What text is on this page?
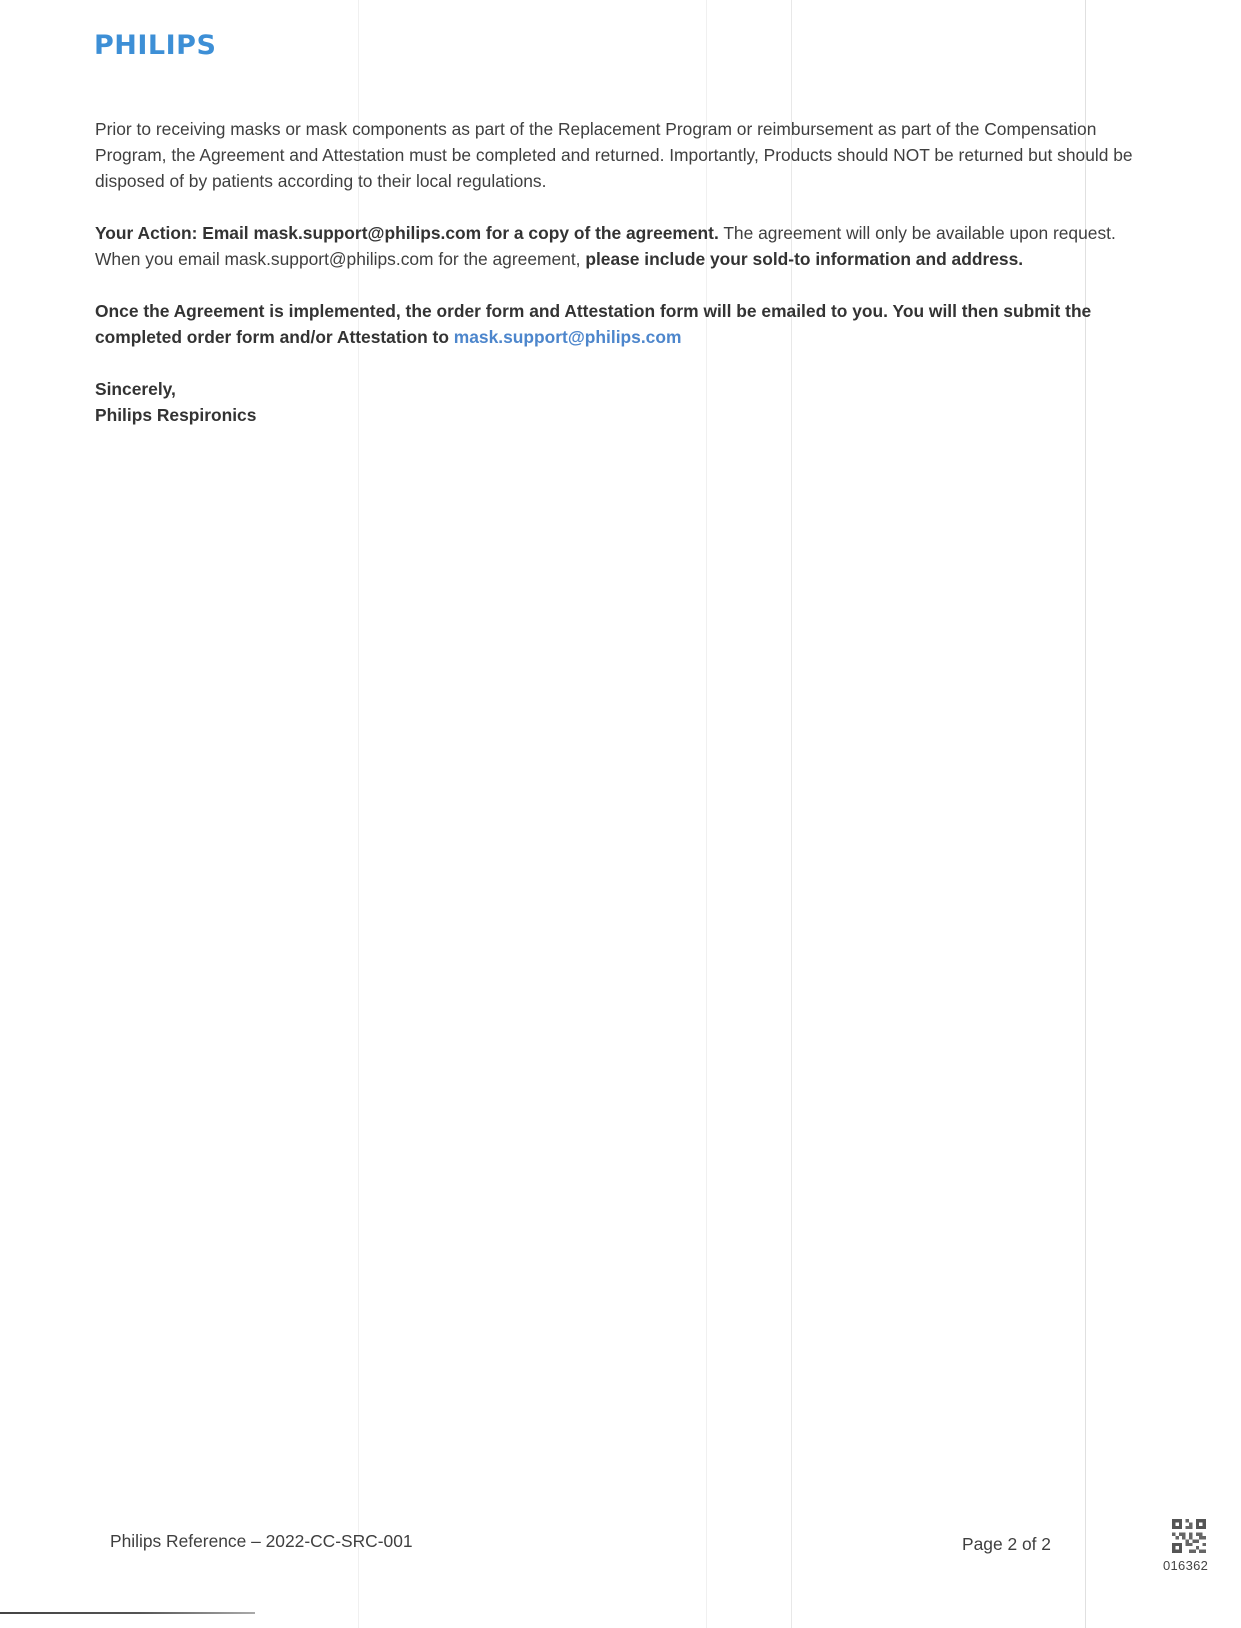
PHILIPS

Prior to receiving masks or mask components as part of the Replacement Program or reimbursement as part of the Compensation Program, the Agreement and Attestation must be completed and returned. Importantly, Products should NOT be returned but should be disposed of by patients according to their local regulations.

Your Action: Email mask.support@philips.com for a copy of the agreement. The agreement will only be available upon request. When you email mask.support@philips.com for the agreement, please include your sold-to information and address.

Once the Agreement is implemented, the order form and Attestation form will be emailed to you. You will then submit the completed order form and/or Attestation to mask.support@philips.com

Sincerely,
Philips Respironics
Philips Reference – 2022-CC-SRC-001	Page 2 of 2
016362
